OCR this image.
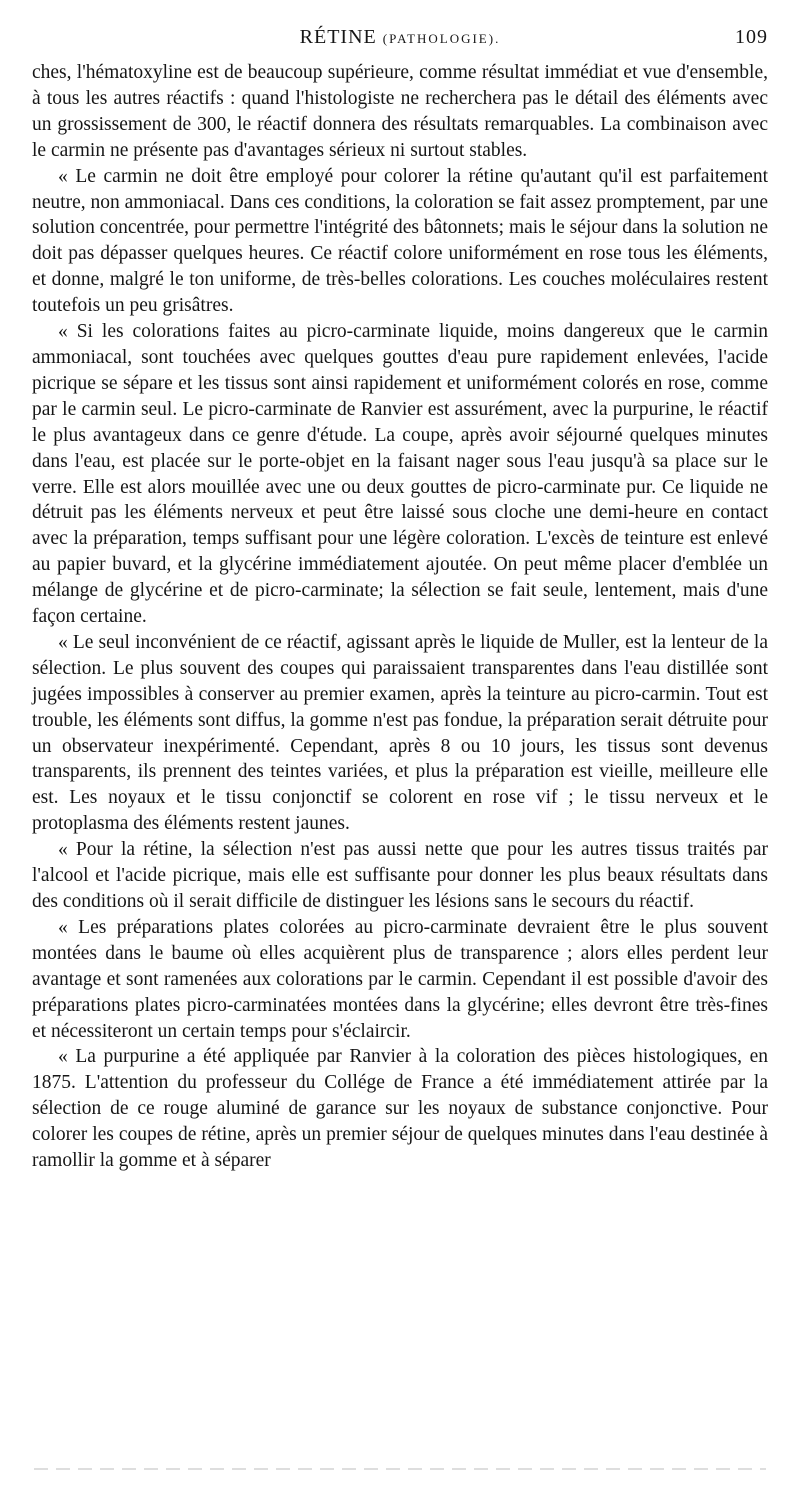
RÉTINE (PATHOLOGIE).	109

ches, l'hématoxyline est de beaucoup supérieure, comme résultat immédiat et vue d'ensemble, à tous les autres réactifs : quand l'histologiste ne recherchera pas le détail des éléments avec un grossissement de 300, le réactif donnera des résultats remarquables. La combinaison avec le carmin ne présente pas d'avantages sérieux ni surtout stables.

« Le carmin ne doit être employé pour colorer la rétine qu'autant qu'il est parfaitement neutre, non ammoniacal. Dans ces conditions, la coloration se fait assez promptement, par une solution concentrée, pour permettre l'intégrité des bâtonnets; mais le séjour dans la solution ne doit pas dépasser quelques heures. Ce réactif colore uniformément en rose tous les éléments, et donne, malgré le ton uniforme, de très-belles colorations. Les couches moléculaires restent toutefois un peu grisâtres.

« Si les colorations faites au picro-carminate liquide, moins dangereux que le carmin ammoniacal, sont touchées avec quelques gouttes d'eau pure rapidement enlevées, l'acide picrique se sépare et les tissus sont ainsi rapidement et uniformément colorés en rose, comme par le carmin seul. Le picro-carminate de Ranvier est assurément, avec la purpurine, le réactif le plus avantageux dans ce genre d'étude. La coupe, après avoir séjourné quelques minutes dans l'eau, est placée sur le porte-objet en la faisant nager sous l'eau jusqu'à sa place sur le verre. Elle est alors mouillée avec une ou deux gouttes de picro-carminate pur. Ce liquide ne détruit pas les éléments nerveux et peut être laissé sous cloche une demi-heure en contact avec la préparation, temps suffisant pour une légère coloration. L'excès de teinture est enlevé au papier buvard, et la glycérine immédiatement ajoutée. On peut même placer d'emblée un mélange de glycérine et de picro-carminate; la sélection se fait seule, lentement, mais d'une façon certaine.

« Le seul inconvénient de ce réactif, agissant après le liquide de Muller, est la lenteur de la sélection. Le plus souvent des coupes qui paraissaient transparentes dans l'eau distillée sont jugées impossibles à conserver au premier examen, après la teinture au picro-carmin. Tout est trouble, les éléments sont diffus, la gomme n'est pas fondue, la préparation serait détruite pour un observateur inexpérimenté. Cependant, après 8 ou 10 jours, les tissus sont devenus transparents, ils prennent des teintes variées, et plus la préparation est vieille, meilleure elle est. Les noyaux et le tissu conjonctif se colorent en rose vif ; le tissu nerveux et le protoplasma des éléments restent jaunes.

« Pour la rétine, la sélection n'est pas aussi nette que pour les autres tissus traités par l'alcool et l'acide picrique, mais elle est suffisante pour donner les plus beaux résultats dans des conditions où il serait difficile de distinguer les lésions sans le secours du réactif.

« Les préparations plates colorées au picro-carminate devraient être le plus souvent montées dans le baume où elles acquièrent plus de transparence ; alors elles perdent leur avantage et sont ramenées aux colorations par le carmin. Cependant il est possible d'avoir des préparations plates picro-carminatées montées dans la glycérine; elles devront être très-fines et nécessiteront un certain temps pour s'éclaircir.

« La purpurine a été appliquée par Ranvier à la coloration des pièces histologiques, en 1875. L'attention du professeur du Collége de France a été immédiatement attirée par la sélection de ce rouge aluminé de garance sur les noyaux de substance conjonctive. Pour colorer les coupes de rétine, après un premier séjour de quelques minutes dans l'eau destinée à ramollir la gomme et à séparer
